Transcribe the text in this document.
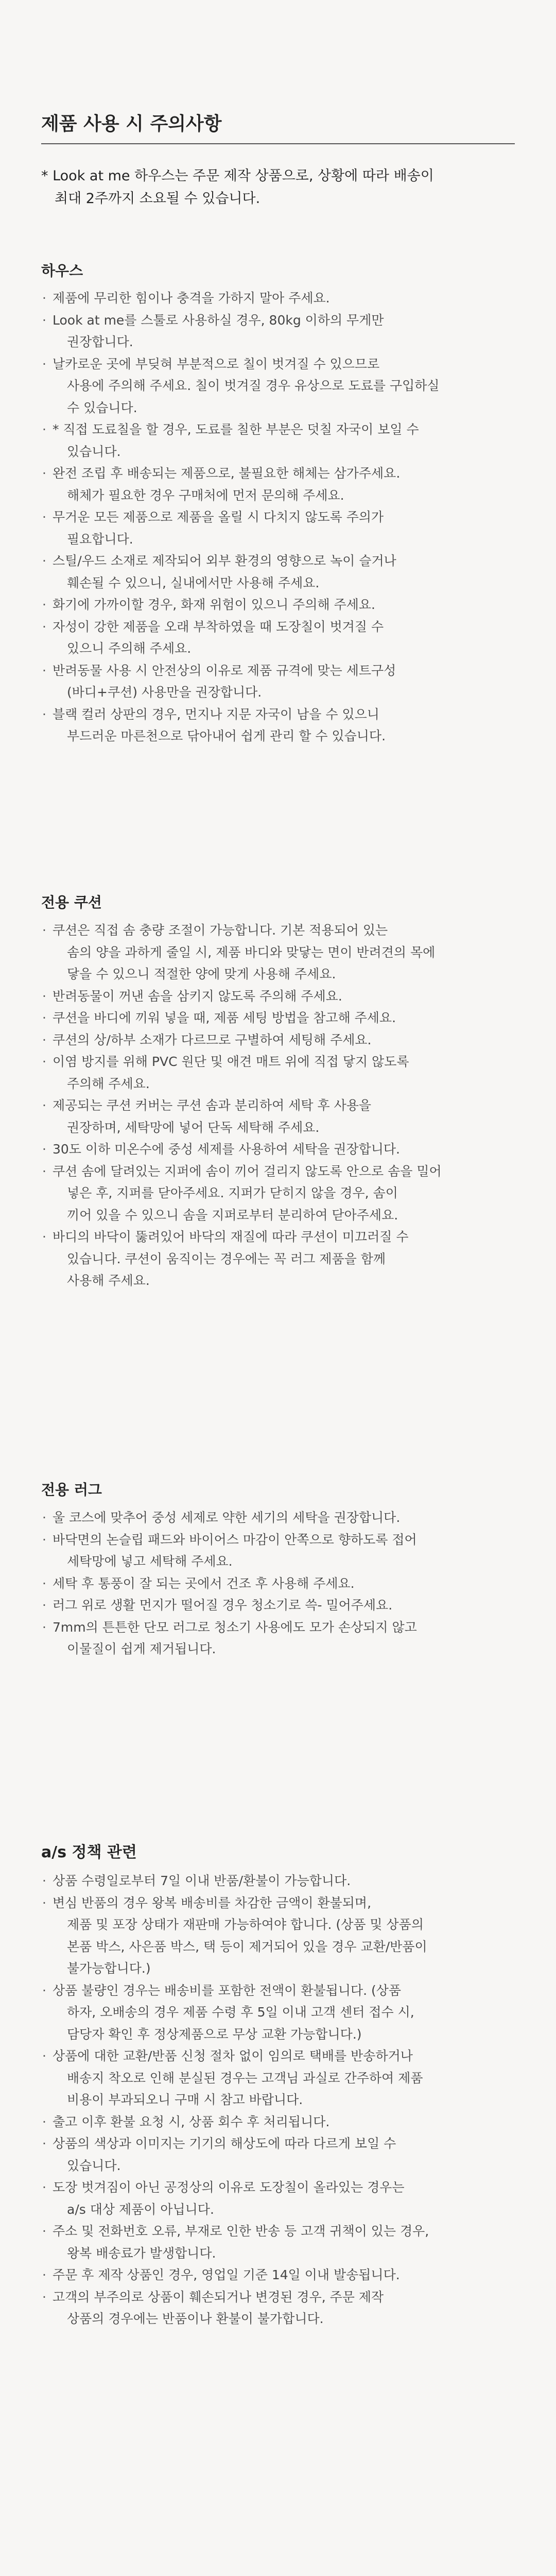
제품 사용 시 주의사항
* Look at me 하우스는 주문 제작 상품으로, 상황에 따라 배송이
최대 2주까지 소요될 수 있습니다.
하우스
· 제품에 무리한 힘이나 충격을 가하지 말아 주세요.
· Look at me를 스툴로 사용하실 경우, 80kg 이하의 무게만
권장합니다.
· 날카로운 곳에 부딪혀 부분적으로 칠이 벗겨질 수 있으므로
사용에 주의해 주세요. 칠이 벗겨질 경우 유상으로 도료를 구입하실
수 있습니다.
· * 직접 도료칠을 할 경우, 도료를 칠한 부분은 덧칠 자국이 보일 수
있습니다.
· 완전 조립 후 배송되는 제품으로, 불필요한 해체는 삼가주세요.
해체가 필요한 경우 구매처에 먼저 문의해 주세요.
· 무거운 모든 제품으로 제품을 올릴 시 다치지 않도록 주의가
필요합니다.
· 스틸/우드 소재로 제작되어 외부 환경의 영향으로 녹이 슬거나
훼손될 수 있으니, 실내에서만 사용해 주세요.
· 화기에 가까이할 경우, 화재 위험이 있으니 주의해 주세요.
· 자성이 강한 제품을 오래 부착하였을 때 도장칠이 벗겨질 수
있으니 주의해 주세요.
· 반려동물 사용 시 안전상의 이유로 제품 규격에 맞는 세트구성
(바디+쿠션) 사용만을 권장합니다.
· 블랙 컬러 상판의 경우, 먼지나 지문 자국이 남을 수 있으니
부드러운 마른천으로 닦아내어 쉽게 관리 할 수 있습니다.
전용 쿠션
· 쿠션은 직접 솜 충량 조절이 가능합니다. 기본 적용되어 있는
솜의 양을 과하게 줄일 시, 제품 바디와 맞닿는 면이 반려견의 목에
닿을 수 있으니 적절한 양에 맞게 사용해 주세요.
· 반려동물이 꺼낸 솜을 삼키지 않도록 주의해 주세요.
· 쿠션을 바디에 끼워 넣을 때, 제품 세팅 방법을 참고해 주세요.
· 쿠션의 상/하부 소재가 다르므로 구별하여 세팅해 주세요.
· 이염 방지를 위해 PVC 원단 및 애견 매트 위에 직접 닿지 않도록
주의해 주세요.
· 제공되는 쿠션 커버는 쿠션 솜과 분리하여 세탁 후 사용을
권장하며, 세탁망에 넣어 단독 세탁해 주세요.
· 30도 이하 미온수에 중성 세제를 사용하여 세탁을 권장합니다.
· 쿠션 솜에 달려있는 지퍼에 솜이 끼어 걸리지 않도록 안으로 솜을 밀어
넣은 후, 지퍼를 닫아주세요. 지퍼가 닫히지 않을 경우, 솜이
끼어 있을 수 있으니 솜을 지퍼로부터 분리하여 닫아주세요.
· 바디의 바닥이 뚫려있어 바닥의 재질에 따라 쿠션이 미끄러질 수
있습니다. 쿠션이 움직이는 경우에는 꼭 러그 제품을 함께
사용해 주세요.
전용 러그
· 울 코스에 맞추어 중성 세제로 약한 세기의 세탁을 권장합니다.
· 바닥면의 논슬립 패드와 바이어스 마감이 안쪽으로 향하도록 접어
세탁망에 넣고 세탁해 주세요.
· 세탁 후 통풍이 잘 되는 곳에서 건조 후 사용해 주세요.
· 러그 위로 생활 먼지가 떨어질 경우 청소기로 쓱- 밀어주세요.
· 7mm의 튼튼한 단모 러그로 청소기 사용에도 모가 손상되지 않고
이물질이 쉽게 제거됩니다.
a/s 정책 관련
· 상품 수령일로부터 7일 이내 반품/환불이 가능합니다.
· 변심 반품의 경우 왕복 배송비를 차감한 금액이 환불되며,
제품 및 포장 상태가 재판매 가능하여야 합니다. (상품 및 상품의
본품 박스, 사은품 박스, 택 등이 제거되어 있을 경우 교환/반품이
불가능합니다.)
· 상품 불량인 경우는 배송비를 포함한 전액이 환불됩니다. (상품
하자, 오배송의 경우 제품 수령 후 5일 이내 고객 센터 접수 시,
담당자 확인 후 정상제품으로 무상 교환 가능합니다.)
· 상품에 대한 교환/반품 신청 절차 없이 임의로 택배를 반송하거나
배송지 착오로 인해 분실된 경우는 고객님 과실로 간주하여 제품
비용이 부과되오니 구매 시 참고 바랍니다.
· 출고 이후 환불 요청 시, 상품 회수 후 처리됩니다.
· 상품의 색상과 이미지는 기기의 해상도에 따라 다르게 보일 수
있습니다.
· 도장 벗겨짐이 아닌 공정상의 이유로 도장칠이 올라있는 경우는
a/s 대상 제품이 아닙니다.
· 주소 및 전화번호 오류, 부재로 인한 반송 등 고객 귀책이 있는 경우,
왕복 배송료가 발생합니다.
· 주문 후 제작 상품인 경우, 영업일 기준 14일 이내 발송됩니다.
· 고객의 부주의로 상품이 훼손되거나 변경된 경우, 주문 제작
상품의 경우에는 반품이나 환불이 불가합니다.
